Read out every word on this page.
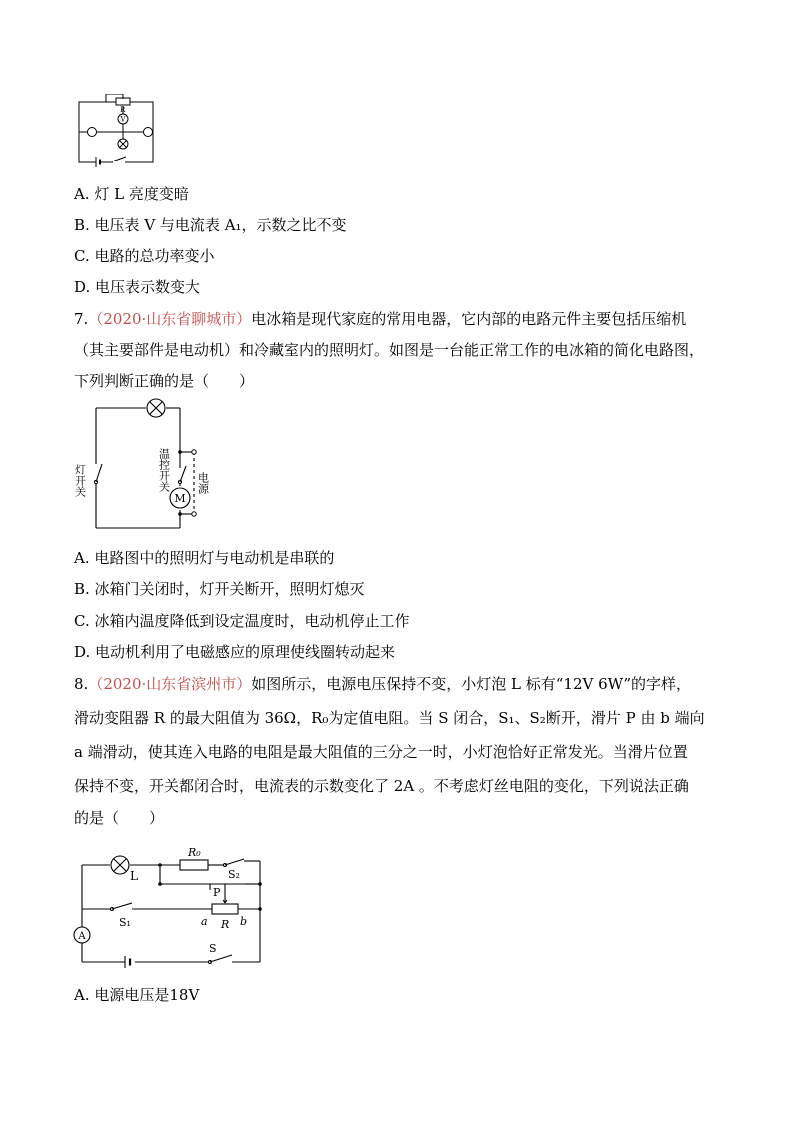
V
R
A. 灯 L 亮度变暗
B. 电压表 V 与电流表 A₁，示数之比不变
C. 电路的总功率变小
D. 电压表示数变大
7.（2020·山东省聊城市）电冰箱是现代家庭的常用电器，它内部的电路元件主要包括压缩机
（其主要部件是电动机）和冷藏室内的照明灯。如图是一台能正常工作的电冰箱的简化电路图，
下列判断正确的是（　　）
M
灯开关	温控开关 电源
A. 电路图中的照明灯与电动机是串联的
B. 冰箱门关闭时，灯开关断开，照明灯熄灭
C. 冰箱内温度降低到设定温度时，电动机停止工作
D. 电动机利用了电磁感应的原理使线圈转动起来
8.（2020·山东省滨州市）如图所示，电源电压保持不变，小灯泡 L 标有“12V 6W”的字样，
滑动变阻器 R 的最大阻值为 36Ω，R₀为定值电阻。当 S 闭合，S₁、S₂断开，滑片 P 由 b 端向
a 端滑动，使其连入电路的电阻是最大阻值的三分之一时，小灯泡恰好正常发光。当滑片位置
保持不变，开关都闭合时，电流表的示数变化了 2A 。不考虑灯丝电阻的变化，下列说法正确
的是（　　）
R₀
S₂
L
S₁
P
a R b
A
S
A. 电源电压是18V
